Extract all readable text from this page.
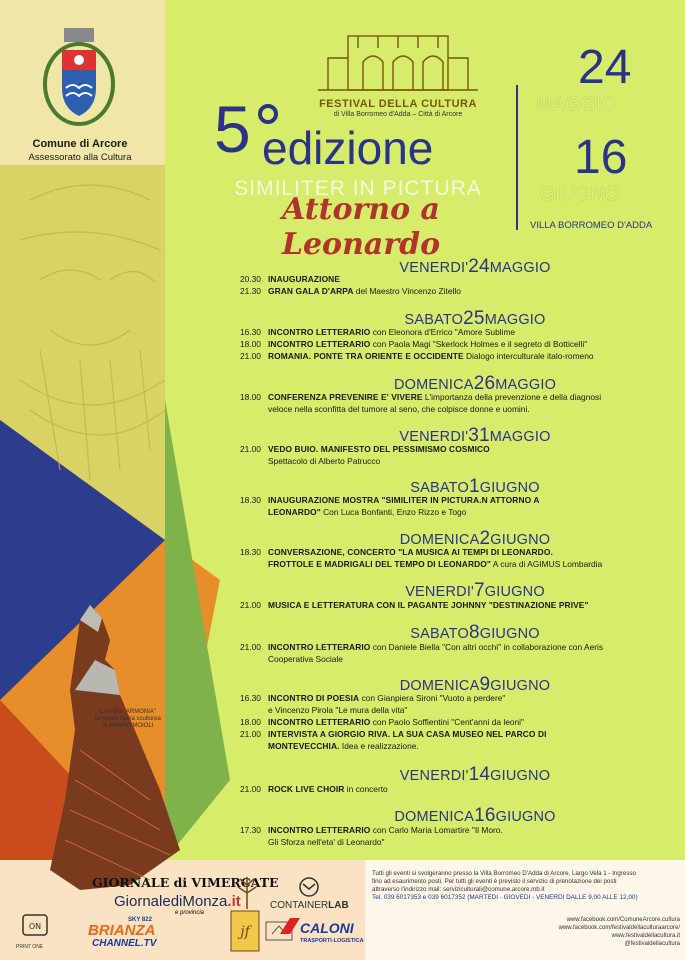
Comune di Arcore
Assessorato alla Cultura
FESTIVAL DELLA CULTURA
di Villa Borromeo d'Adda – Città di Arcore
5 edizione
SIMILITER IN PICTURA
Attorno a Leonardo
24
MAGGIO
16
GIUGNO
VILLA BORROMEO D'ADDA
VENERDI'24MAGGIO
20.30 INAUGURAZIONE
21.30 GRAN GALA D'ARPA del Maestro Vincenzo Zitello
SABATO25MAGGIO
16.30 INCONTRO LETTERARIO con Eleonora d'Errico "Amore Sublime
18.00 INCONTRO LETTERARIO con Paola Magi "Skerlock Holmes e il segreto di Botticelli"
21.00 ROMANIA. PONTE TRA ORIENTE E OCCIDENTE Dialogo interculturale italo-romeno
DOMENICA26MAGGIO
18.00 CONFERENZA PREVENIRE E' VIVERE L'importanza della prevenzione e della diagnosi
veloce nella sconfitta del tumore al seno, che colpisce donne e uomini.
VENERDI'31MAGGIO
21.00 VEDO BUIO. MANIFESTO DEL PESSIMISMO COSMICO
Spettacolo di Alberto Patrucco
SABATO1GIUGNO
18.30 INAUGURAZIONE MOSTRA "SIMILITER IN PICTURA.N ATTORNO A
LEONARDO" Con Luca Bonfanti, Enzo Rizzo e Togo
DOMENICA2GIUGNO
18.30 CONVERSAZIONE, CONCERTO "LA MUSICA AI TEMPI DI LEONARDO.
FROTTOLE E MADRIGALI DEL TEMPO DI LEONARDO" A cura di AGIMUS Lombardia
VENERDI'7GIUGNO
21.00 MUSICA E LETTERATURA CON IL PAGANTE JOHNNY "DESTINAZIONE PRIVE"
SABATO8GIUGNO
21.00 INCONTRO LETTERARIO con Daniele Biella "Con altri occhi" in collaborazione con Aeris
Cooperativa Sociale
DOMENICA9GIUGNO
16.30 INCONTRO DI POESIA con Gianpiera Sironi "Vuoto a perdere"
e Vincenzo Pirola "Le mura della vita"
18.00 INCONTRO LETTERARIO con Paolo Soffientini "Cent'anni da leoni"
21.00 INTERVISTA A GIORGIO RIVA. LA SUA CASA MUSEO NEL PARCO DI
MONTEVECCHIA. Idea e realizzazione.
VENERDI'14GIUGNO
21.00 ROCK LIVE CHOIR in concerto
DOMENICA16GIUGNO
17.30 INCONTRO LETTERARIO con Carlo Maria Lomartire "Il Moro.
Gli Sforza nell'eta' di Leonardo"
L'inedita "ARMONIA"
la nuova opera scultorea
di AMBRO MOIOLI
GIORNALE di VIMERCATE
GiornalediMonza.it
e provincia
SKY 822
BRIANZA
CHANNEL.TV
ON
PRINT ONE
jf
CONTAINERLAB
CALONI
TRASPORTI-LOGISTICA
Tutti gli eventi si svolgeranno presso la Villa Borromeo D'Adda di Arcore, Largo Vela 1 - Ingresso
fino ad esaurimento posti. Per tutti gli eventi è previsto il servizio di prenotazione dei posti
attraverso l'indirizzo mail: serviziculturali@comune.arcore.mb.it
Tel. 039 6017353 e 039 6017352 (MARTEDI - GIOVEDI - VENERDI DALLE 9,00 ALLE 12,00)
www.facebook.com/ComuneArcore.cultura
www.facebook.com/festivaldellaculturaarcore/
www.festivaldellacultura.it
@festivaldellacultura
